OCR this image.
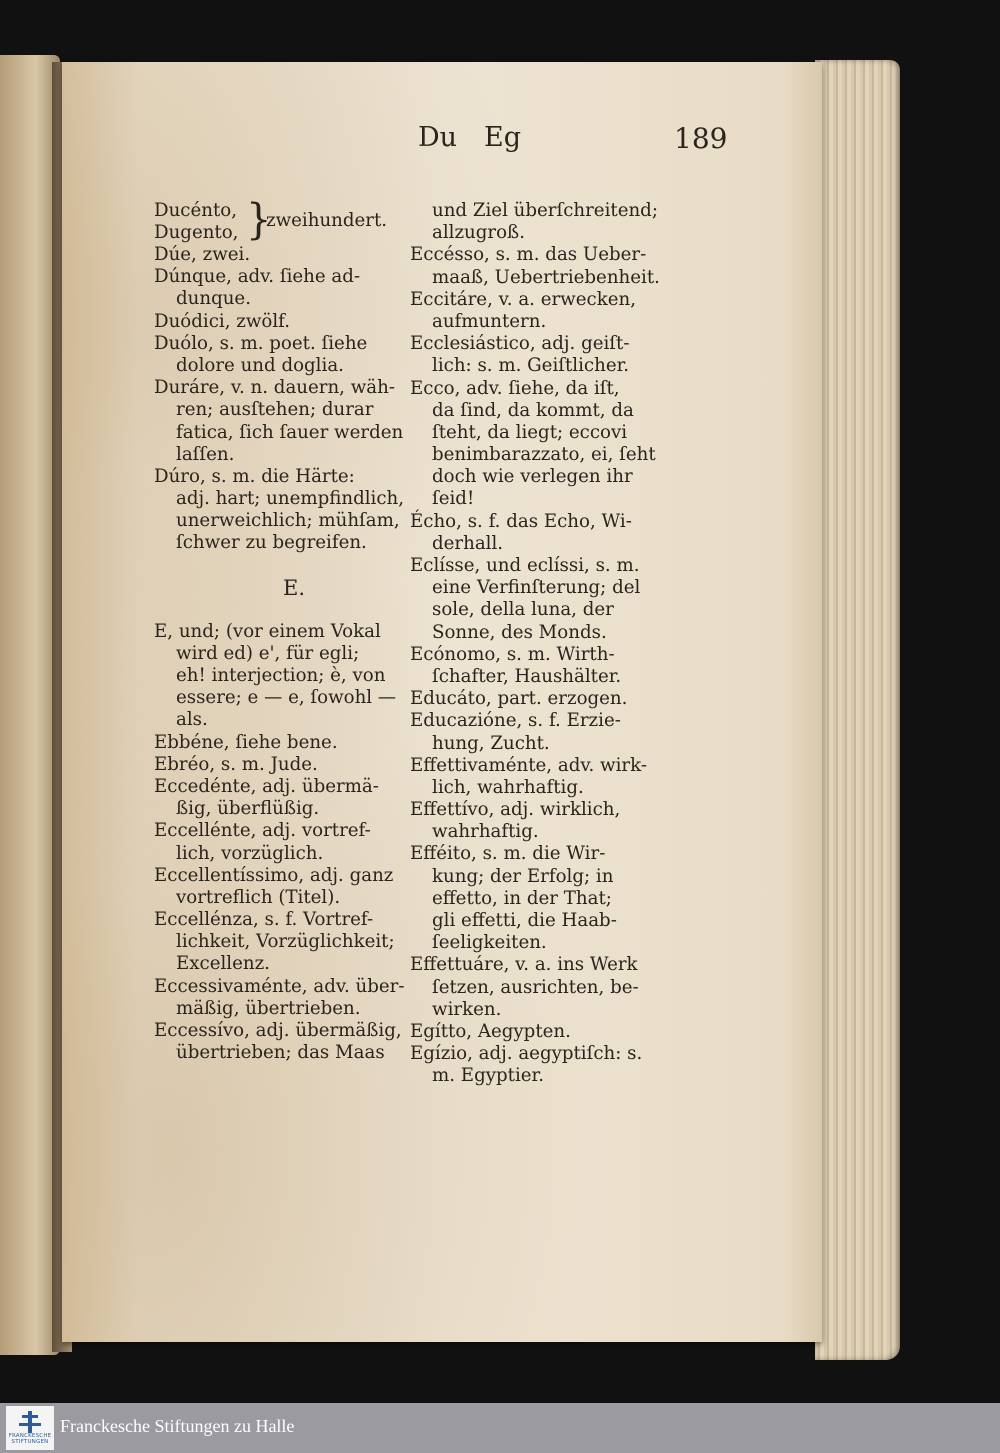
Du Eg	189
Ducénto,
Dugento, }
zweihundert.
Dúe, zwei.
Dúnque, adv. ſiehe ad-
dunque.
Duódici, zwölf.
Duólo, s. m. poet. ſiehe
dolore und doglia.
Duráre, v. n. dauern, wäh-
ren; ausſtehen; durar
fatica, ſich ſauer werden
laſſen.
Dúro, s. m. die Härte:
adj. hart; unempfindlich,
unerweichlich; mühſam,
ſchwer zu begreifen.
E.
E, und; (vor einem Vokal
wird ed) e', für egli;
eh! interjection; è, von
essere; e — e, ſowohl —
als.
Ebbéne, ſiehe bene.
Ebréo, s. m. Jude.
Eccedénte, adj. übermä-
ßig, überflüßig.
Eccellénte, adj. vortref-
lich, vorzüglich.
Eccellentíssimo, adj. ganz
vortreflich (Titel).
Eccellénza, s. f. Vortref-
lichkeit, Vorzüglichkeit;
Excellenz.
Eccessivaménte, adv. über-
mäßig, übertrieben.
Eccessívo, adj. übermäßig,
übertrieben; das Maas
und Ziel überſchreitend;
allzugroß.
Eccésso, s. m. das Ueber-
maaß, Uebertriebenheit.
Eccitáre, v. a. erwecken,
aufmuntern.
Ecclesiástico, adj. geiſt-
lich: s. m. Geiſtlicher.
Ecco, adv. ſiehe, da iſt,
da ſind, da kommt, da
ſteht, da liegt; eccovi
benimbarazzato, ei, ſeht
doch wie verlegen ihr
ſeid!
Écho, s. f. das Echo, Wi-
derhall.
Eclísse, und eclíssi, s. m.
eine Verfinſterung; del
sole, della luna, der
Sonne, des Monds.
Ecónomo, s. m. Wirth-
ſchafter, Haushälter.
Educáto, part. erzogen.
Educazióne, s. f. Erzie-
hung, Zucht.
Effettivaménte, adv. wirk-
lich, wahrhaftig.
Effettívo, adj. wirklich,
wahrhaftig.
Efféito, s. m. die Wir-
kung; der Erfolg; in
effetto, in der That;
gli effetti, die Haab-
ſeeligkeiten.
Effettuáre, v. a. ins Werk
ſetzen, ausrichten, be-
wirken.
Egítto, Aegypten.
Egízio, adj. aegyptiſch: s.
m. Egyptier.
FRANCKESCHE
STIFTUNGEN
Franckesche Stiftungen zu Halle
